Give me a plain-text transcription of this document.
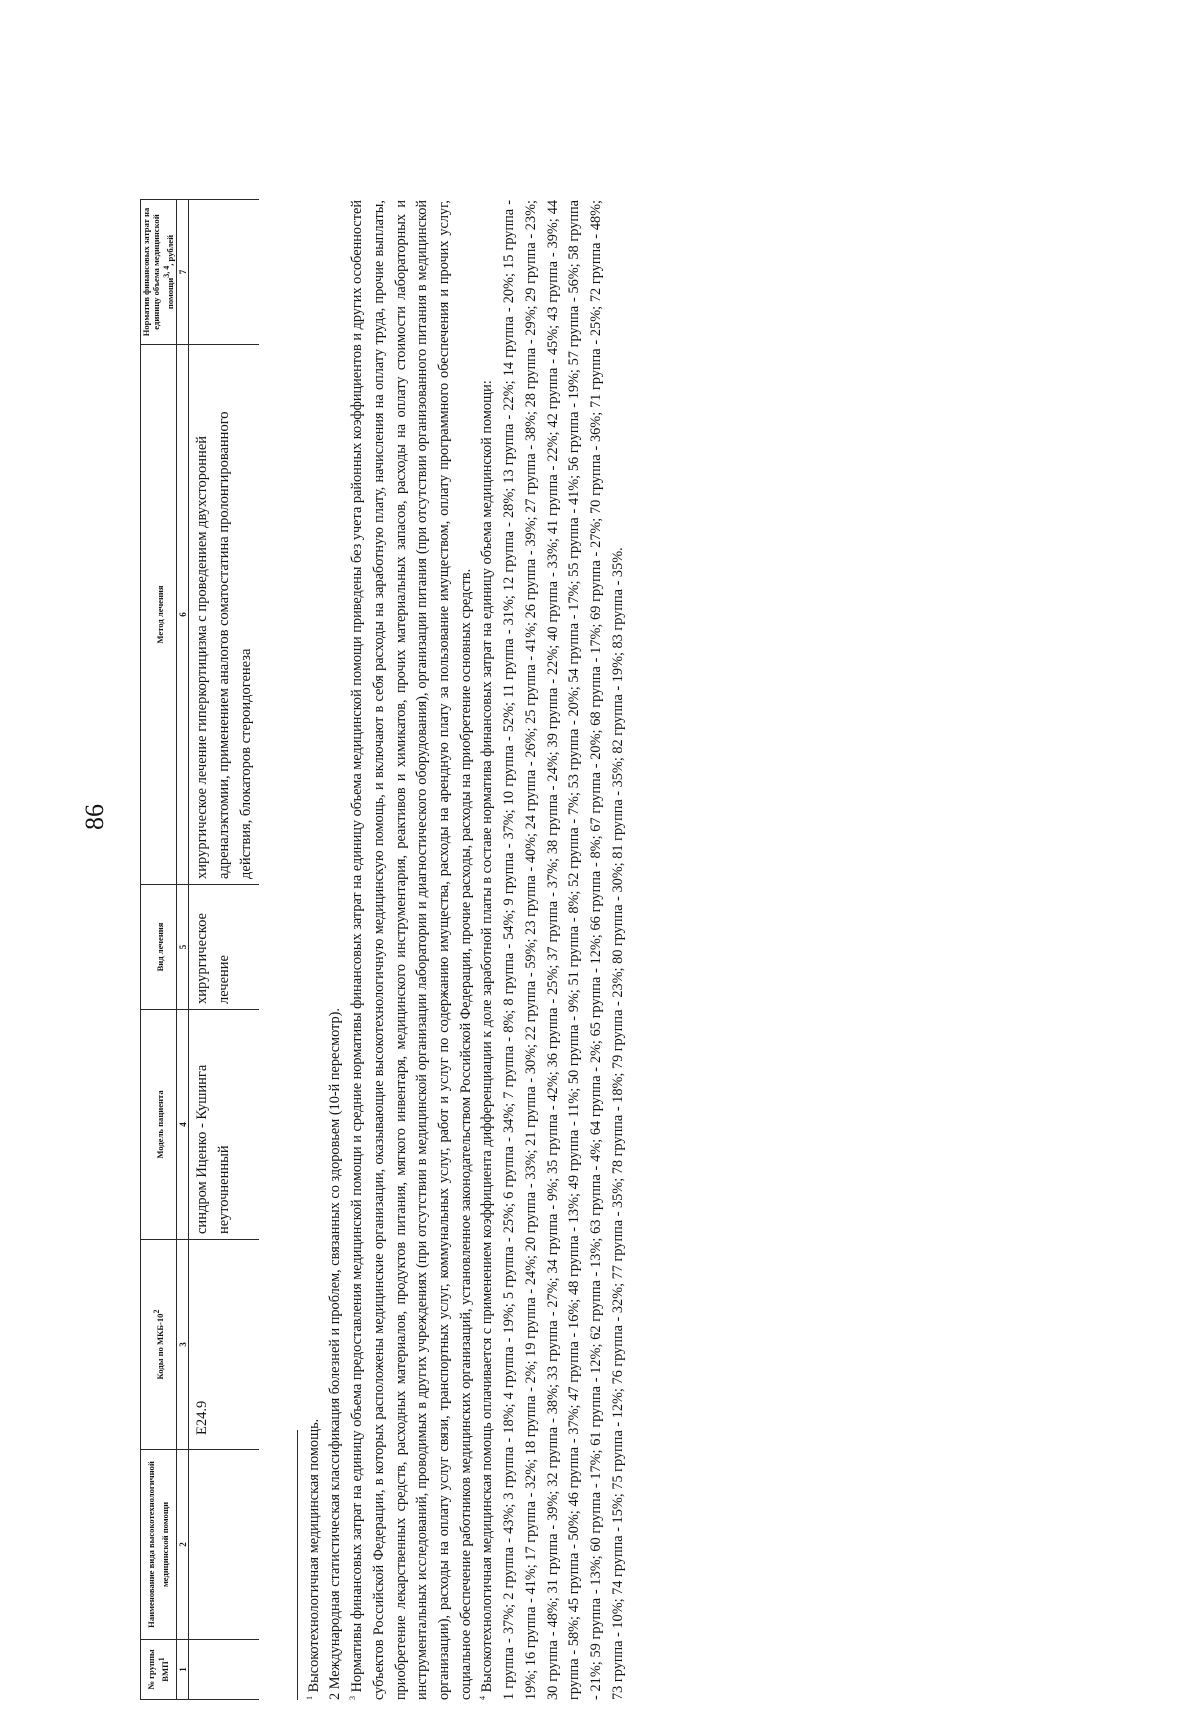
86
№ группы ВМП$^1$	Наименование вида высокотехнологичной медицинской помощи	Коды по МКБ-$10^2$	Модель пациента	Вид лечения	Метод лечения	Норматив финансовых затрат на единицу объема медицинской помощи$^{3, 4}$, рублей
1	2	3	4	5	6	7
		E24.9	синдром Иценко - Кушинга неуточненный	хирургическое лечение	хирургическое лечение гиперкортицизма с проведением двухсторонней адреналэктомии, применением аналогов соматостатина пролонгированного действия, блокаторов стероидогенеза	

$^1$ Высокотехнологичная медицинская помощь.

2 Международная статистическая классификация болезней и проблем, связанных со здоровьем (10-й пересмотр).

$^3$ Нормативы финансовых затрат на единицу объема предоставления медицинской помощи и средние нормативы финансовых затрат на единицу объема медицинской помощи приведены без учета районных коэффициентов и других особенностей субъектов Российской Федерации, в которых расположены медицинские организации, оказывающие высокотехнологичную медицинскую помощь, и включают в себя расходы на заработную плату, начисления на оплату труда, прочие выплаты, приобретение лекарственных средств, расходных материалов, продуктов питания, мягкого инвентаря, медицинского инструментария, реактивов и химикатов, прочих материальных запасов, расходы на оплату стоимости лабораторных и инструментальных исследований, проводимых в других учреждениях (при отсутствии в медицинской организации лаборатории и диагностического оборудования), организации питания (при отсутствии организованного питания в медицинской организации), расходы на оплату услуг связи, транспортных услуг, коммунальных услуг, работ и услуг по содержанию имущества, расходы на арендную плату за пользование имуществом, оплату программного обеспечения и прочих услуг, социальное обеспечение работников медицинских организаций, установленное законодательством Российской Федерации, прочие расходы, расходы на приобретение основных средств. $^4$ Высокотехнологичная медицинская помощь оплачивается с применением коэффициента дифференциации к доле заработной платы в составе норматива финансовых затрат на единицу объема медицинской помощи: 1 группа - 37%; 2 группа - 43%; 3 группа - 18%; 4 группа - 19%; 5 группа - 25%; 6 группа - 34%; 7 группа - 8%; 8 группа - 54%; 9 группа - 37%; 10 группа - 52%; 11 группа - 31%; 12 группа - 28%; 13 группа - 22%; 14 группа - 20%; 15 группа - 19%; 16 группа - 41%; 17 группа - 32%; 18 группа - 2%; 19 группа - 24%; 20 группа - 33%; 21 группа - 30%; 22 группа - 59%; 23 группа - 40%; 24 группа - 26%; 25 группа - 41%; 26 группа - 39%; 27 группа - 38%; 28 группа - 29%; 29 группа - 23%; 30 группа - 48%; 31 группа - 39%; 32 группа - 38%; 33 группа - 27%; 34 группа - 9%; 35 группа - 42%; 36 группа - 25%; 37 группа - 37%; 38 группа - 24%; 39 группа - 22%; 40 группа - 33%; 41 группа - 22%; 42 группа - 45%; 43 группа - 39%; 44 группа - 58%; 45 группа - 50%; 46 группа - 37%; 47 группа - 16%; 48 группа - 13%; 49 группа - 11%; 50 группа - 9%; 51 группа - 8%; 52 группа - 7%; 53 группа - 20%; 54 группа - 17%; 55 группа - 41%; 56 группа - 19%; 57 группа - 56%; 58 группа - 21%; 59 группа - 13%; 60 группа - 17%; 61 группа - 12%; 62 группа - 13%; 63 группа - 4%; 64 группа - 2%; 65 группа - 12%; 66 группа - 8%; 67 группа - 20%; 68 группа - 17%; 69 группа - 27%; 70 группа - 36%; 71 группа - 25%; 72 группа - 48%; 73 группа - 10%; 74 группа - 15%; 75 группа - 12%; 76 группа - 32%; 77 группа - 35%; 78 группа - 18%; 79 группа - 23%; 80 группа - 30%; 81 группа - 35%; 82 группа - 19%; 83 группа - 35%.
